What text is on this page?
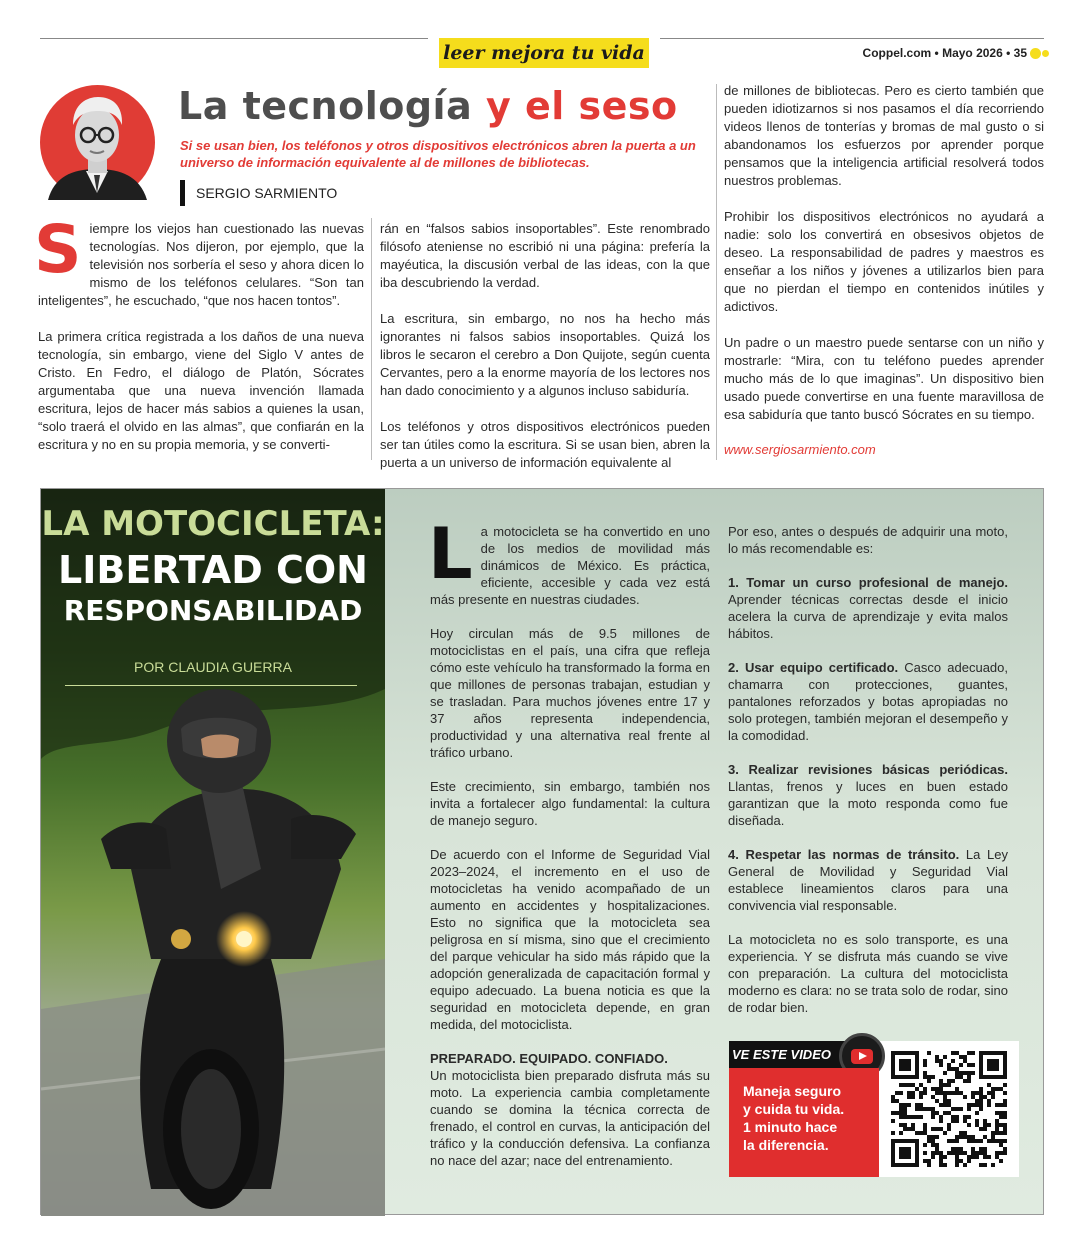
leer mejora tu vida	Coppel.com • Mayo 2026 • 35
La tecnología y el seso
Si se usan bien, los teléfonos y otros dispositivos electrónicos abren la puerta a un universo de información equivalente al de millones de bibliotecas.
SERGIO SARMIENTO

Siempre los viejos han cuestionado las nuevas tecnologías. Nos dijeron, por ejemplo, que la televisión nos sorbería el seso y ahora dicen lo mismo de los teléfonos celulares. “Son tan inteligentes”, he escuchado, “que nos hacen tontos”.

La primera crítica registrada a los daños de una nueva tecnología, sin embargo, viene del Siglo V antes de Cristo. En Fedro, el diálogo de Platón, Sócrates argumentaba que una nueva invención llamada escritura, lejos de hacer más sabios a quienes la usan, “solo traerá el olvido en las almas”, que confiarán en la escritura y no en su propia memoria, y se converti-

rán en “falsos sabios insoportables”. Este renombrado filósofo ateniense no escribió ni una página: prefería la mayéutica, la discusión verbal de las ideas, con la que iba descubriendo la verdad.

La escritura, sin embargo, no nos ha hecho más ignorantes ni falsos sabios insoportables. Quizá los libros le secaron el cerebro a Don Quijote, según cuenta Cervantes, pero a la enorme mayoría de los lectores nos han dado conocimiento y a algunos incluso sabiduría.

Los teléfonos y otros dispositivos electrónicos pueden ser tan útiles como la escritura. Si se usan bien, abren la puerta a un universo de información equivalente al

de millones de bibliotecas. Pero es cierto también que pueden idiotizarnos si nos pasamos el día recorriendo videos llenos de tonterías y bromas de mal gusto o si abandonamos los esfuerzos por aprender porque pensamos que la inteligencia artificial resolverá todos nuestros problemas.

Prohibir los dispositivos electrónicos no ayudará a nadie: solo los convertirá en obsesivos objetos de deseo. La responsabilidad de padres y maestros es enseñar a los niños y jóvenes a utilizarlos bien para que no pierdan el tiempo en contenidos inútiles y adictivos.

Un padre o un maestro puede sentarse con un niño y mostrarle: “Mira, con tu teléfono puedes aprender mucho más de lo que imaginas”. Un dispositivo bien usado puede convertirse en una fuente maravillosa de esa sabiduría que tanto buscó Sócrates en su tiempo.

www.sergiosarmiento.com
LA MOTOCICLETA:
LIBERTAD CON
RESPONSABILIDAD
POR CLAUDIA GUERRA

La motocicleta se ha convertido en uno de los medios de movilidad más dinámicos de México. Es práctica, eficiente, accesible y cada vez está más presente en nuestras ciudades.

Hoy circulan más de 9.5 millones de motociclistas en el país, una cifra que refleja cómo este vehículo ha transformado la forma en que millones de personas trabajan, estudian y se trasladan. Para muchos jóvenes entre 17 y 37 años representa independencia, productividad y una alternativa real frente al tráfico urbano.

Este crecimiento, sin embargo, también nos invita a fortalecer algo fundamental: la cultura de manejo seguro.

De acuerdo con el Informe de Seguridad Vial 2023–2024, el incremento en el uso de motocicletas ha venido acompañado de un aumento en accidentes y hospitalizaciones. Esto no significa que la motocicleta sea peligrosa en sí misma, sino que el crecimiento del parque vehicular ha sido más rápido que la adopción generalizada de capacitación formal y equipo adecuado. La buena noticia es que la seguridad en motocicleta depende, en gran medida, del motociclista.

PREPARADO. EQUIPADO. CONFIADO.
Un motociclista bien preparado disfruta más su moto. La experiencia cambia completamente cuando se domina la técnica correcta de frenado, el control en curvas, la anticipación del tráfico y la conducción defensiva. La confianza no nace del azar; nace del entrenamiento.

Por eso, antes o después de adquirir una moto, lo más recomendable es:

1. Tomar un curso profesional de manejo. Aprender técnicas correctas desde el inicio acelera la curva de aprendizaje y evita malos hábitos.

2. Usar equipo certificado. Casco adecuado, chamarra con protecciones, guantes, pantalones reforzados y botas apropiadas no solo protegen, también mejoran el desempeño y la comodidad.

3. Realizar revisiones básicas periódicas. Llantas, frenos y luces en buen estado garantizan que la moto responda como fue diseñada.

4. Respetar las normas de tránsito. La Ley General de Movilidad y Seguridad Vial establece lineamientos claros para una convivencia vial responsable.

La motocicleta no es solo transporte, es una experiencia. Y se disfruta más cuando se vive con preparación. La cultura del motociclista moderno es clara: no se trata solo de rodar, sino de rodar bien.

VE ESTE VIDEO
Maneja seguro
y cuida tu vida.
1 minuto hace
la diferencia.
